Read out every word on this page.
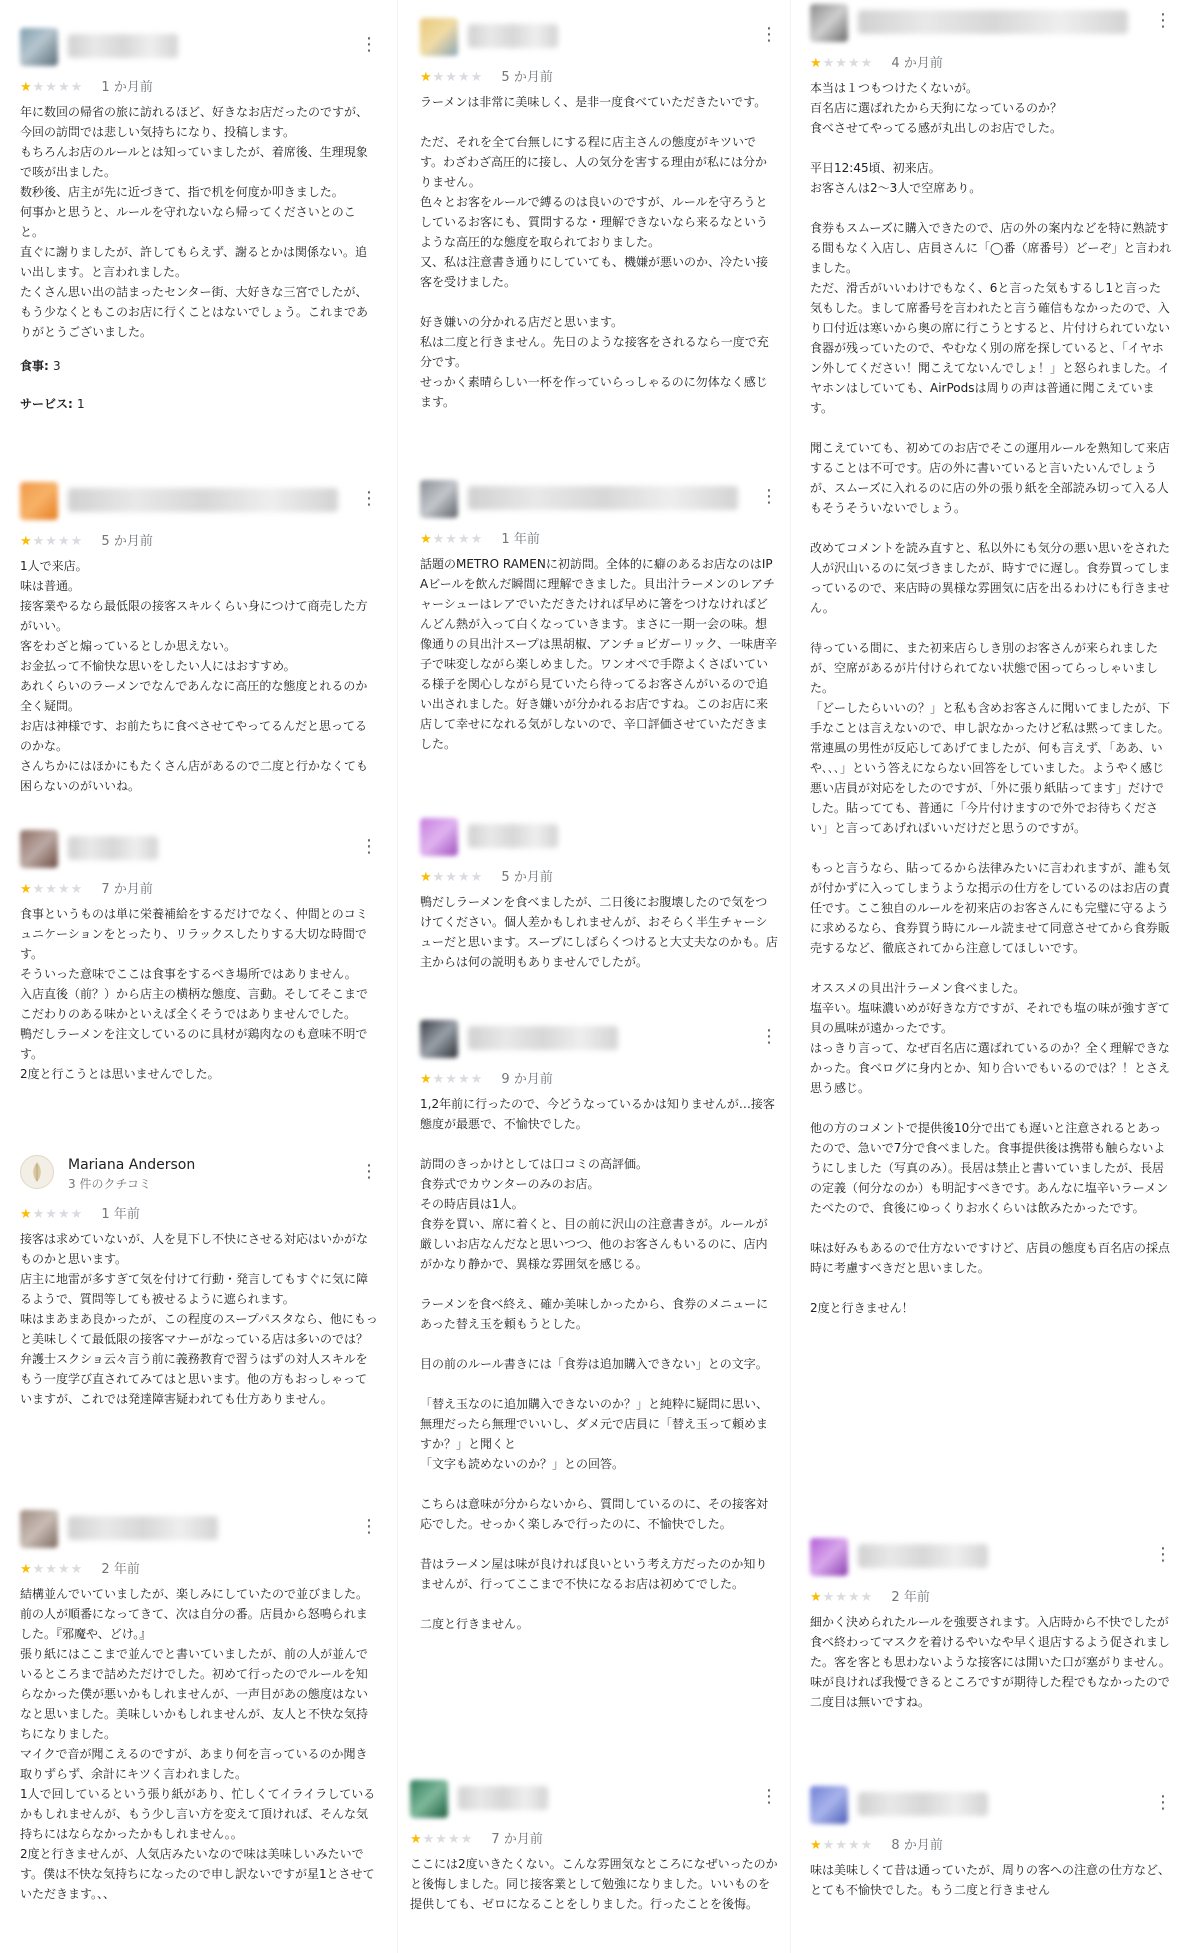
⋮
★★★★★ 1 か月前
年に数回の帰省の旅に訪れるほど、好きなお店だったのですが、今回の訪問では悲しい気持ちになり、投稿します。
もちろんお店のルールとは知っていましたが、着席後、生理現象で咳が出ました。
数秒後、店主が先に近づきて、指で机を何度か叩きました。
何事かと思うと、ルールを守れないなら帰ってくださいとのこと。
直ぐに謝りましたが、許してもらえず、謝るとかは関係ない。追い出します。と言われました。
たくさん思い出の詰まったセンター街、大好きな三宮でしたが、もう少なくともこのお店に行くことはないでしょう。これまでありがとうございました。
食事: 3
サービス: 1
⋮
★★★★★ 5 か月前
1人で来店。
味は普通。
接客業やるなら最低限の接客スキルくらい身につけて商売した方がいい。
客をわざと煽っているとしか思えない。
お金払って不愉快な思いをしたい人にはおすすめ。
あれくらいのラーメンでなんであんなに高圧的な態度とれるのか全く疑問。
お店は神様です、お前たちに食べさせてやってるんだと思ってるのかな。
さんちかにはほかにもたくさん店があるので二度と行かなくても困らないのがいいね。
⋮
★★★★★ 7 か月前
食事というものは単に栄養補給をするだけでなく、仲間とのコミュニケーションをとったり、リラックスしたりする大切な時間です。
そういった意味でここは食事をするべき場所ではありません。
入店直後（前？）から店主の横柄な態度、言動。そしてそこまでこだわりのある味かといえば全くそうではありませんでした。
鴨だしラーメンを注文しているのに具材が鶏肉なのも意味不明です。
2度と行こうとは思いませんでした。
Mariana Anderson
3 件のクチコミ
⋮
★★★★★ 1 年前
接客は求めていないが、人を見下し不快にさせる対応はいかがなものかと思います。
店主に地雷が多すぎて気を付けて行動・発言してもすぐに気に障るようで、質問等しても被せるように遮られます。
味はまあまあ良かったが、この程度のスープパスタなら、他にもっと美味しくて最低限の接客マナーがなっている店は多いのでは？
弁護士スクショ云々言う前に義務教育で習うはずの対人スキルをもう一度学び直されてみてはと思います。他の方もおっしゃっていますが、これでは発達障害疑われても仕方ありません。
⋮
★★★★★ 2 年前
結構並んでいていましたが、楽しみにしていたので並びました。前の人が順番になってきて、次は自分の番。店員から怒鳴られました。『邪魔や、どけ。』
張り紙にはここまで並んでと書いていましたが、前の人が並んでいるところまで詰めただけでした。初めて行ったのでルールを知らなかった僕が悪いかもしれませんが、一声目があの態度はないなと思いました。美味しいかもしれませんが、友人と不快な気持ちになりました。
マイクで音が聞こえるのですが、あまり何を言っているのか聞き取りずらず、余計にキツく言われました。
1人で回しているという張り紙があり、忙しくてイライラしているかもしれませんが、もう少し言い方を変えて頂ければ、そんな気持ちにはならなかったかもしれません。。
2度と行きませんが、人気店みたいなので味は美味しいみたいです。僕は不快な気持ちになったので申し訳ないですが星1とさせていただきます。、、
⋮
★★★★★ 5 か月前
ラーメンは非常に美味しく、是非一度食べていただきたいです。

ただ、それを全て台無しにする程に店主さんの態度がキツいです。わざわざ高圧的に接し、人の気分を害する理由が私には分かりません。
色々とお客をルールで縛るのは良いのですが、ルールを守ろうとしているお客にも、質問するな・理解できないなら来るなというような高圧的な態度を取られておりました。
又、私は注意書き通りにしていても、機嫌が悪いのか、冷たい接客を受けました。

好き嫌いの分かれる店だと思います。
私は二度と行きません。先日のような接客をされるなら一度で充分です。
せっかく素晴らしい一杯を作っていらっしゃるのに勿体なく感じます。
⋮
★★★★★ 1 年前
話題のMETRO RAMENに初訪問。全体的に癖のあるお店なのはIPAビールを飲んだ瞬間に理解できました。貝出汁ラーメンのレアチャーシューはレアでいただきたければ早めに箸をつけなければどんどん熱が入って白くなっていきます。まさに一期一会の味。想像通りの貝出汁スープは黒胡椒、アンチョビガーリック、一味唐辛子で味変しながら楽しめました。ワンオペで手際よくさばいている様子を関心しながら見ていたら待ってるお客さんがいるので追い出されました。好き嫌いが分かれるお店ですね。このお店に来店して幸せになれる気がしないので、辛口評価させていただきました。
★★★★★ 5 か月前
鴨だしラーメンを食べましたが、二日後にお腹壊したので気をつけてください。個人差かもしれませんが、おそらく半生チャーシューだと思います。スープにしばらくつけると大丈夫なのかも。店主からは何の説明もありませんでしたが。
⋮
★★★★★ 9 か月前
1,2年前に行ったので、今どうなっているかは知りませんが…接客態度が最悪で、不愉快でした。

訪問のきっかけとしては口コミの高評価。
食券式でカウンターのみのお店。
その時店員は1人。
食券を買い、席に着くと、目の前に沢山の注意書きが。ルールが厳しいお店なんだなと思いつつ、他のお客さんもいるのに、店内がかなり静かで、異様な雰囲気を感じる。

ラーメンを食べ終え、確か美味しかったから、食券のメニューにあった替え玉を頼もうとした。

目の前のルール書きには「食券は追加購入できない」との文字。

「替え玉なのに追加購入できないのか？」と純粋に疑問に思い、無理だったら無理でいいし、ダメ元で店員に「替え玉って頼めますか？」と聞くと
「文字も読めないのか？」との回答。

こちらは意味が分からないから、質問しているのに、その接客対応でした。せっかく楽しみで行ったのに、不愉快でした。

昔はラーメン屋は味が良ければ良いという考え方だったのか知りませんが、行ってここまで不快になるお店は初めてでした。

二度と行きません。
⋮
★★★★★ 7 か月前
ここには2度いきたくない。こんな雰囲気なところになぜいったのかと後悔しました。同じ接客業として勉強になりました。いいものを提供しても、ゼロになることをしりました。行ったことを後悔。
⋮
★★★★★ 4 か月前
本当は１つもつけたくないが。
百名店に選ばれたから天狗になっているのか？
食べさせてやってる感が丸出しのお店でした。

平日12:45頃、初来店。
お客さんは2〜3人で空席あり。

食券もスムーズに購入できたので、店の外の案内などを特に熟読する間もなく入店し、店員さんに「◯番（席番号）どーぞ」と言われました。
ただ、滑舌がいいわけでもなく、6と言った気もするし1と言った気もした。まして席番号を言われたと言う確信もなかったので、入り口付近は寒いから奥の席に行こうとすると、片付けられていない食器が残っていたので、やむなく別の席を探していると、「イヤホン外してください！聞こえてないんでしょ！」と怒られました。イヤホンはしていても、AirPodsは周りの声は普通に聞こえています。

聞こえていても、初めてのお店でそこの運用ルールを熟知して来店することは不可です。店の外に書いていると言いたいんでしょうが、スムーズに入れるのに店の外の張り紙を全部読み切って入る人もそうそういないでしょう。

改めてコメントを読み直すと、私以外にも気分の悪い思いをされた人が沢山いるのに気づきましたが、時すでに遅し。食券買ってしまっているので、来店時の異様な雰囲気に店を出るわけにも行きません。

待っている間に、また初来店らしき別のお客さんが来られましたが、空席があるが片付けられてない状態で困ってらっしゃいました。
「どーしたらいいの？」と私も含めお客さんに聞いてましたが、下手なことは言えないので、申し訳なかったけど私は黙ってました。常連風の男性が反応してあげてましたが、何も言えず、「ああ、いや､､､」という答えにならない回答をしていました。ようやく感じ悪い店員が対応をしたのですが、「外に張り紙貼ってます」だけでした。貼ってても、普通に「今片付けますので外でお待ちください」と言ってあげればいいだけだと思うのですが。

もっと言うなら、貼ってるから法律みたいに言われますが、誰も気が付かずに入ってしまうような掲示の仕方をしているのはお店の責任です。ここ独自のルールを初来店のお客さんにも完璧に守るように求めるなら、食券買う時にルール読ませて同意させてから食券販売するなど、徹底されてから注意してほしいです。

オススメの貝出汁ラーメン食べました。
塩辛い。塩味濃いめが好きな方ですが、それでも塩の味が強すぎて貝の風味が遠かったです。
はっきり言って、なぜ百名店に選ばれているのか？全く理解できなかった。食べログに身内とか、知り合いでもいるのでは？！とさえ思う感じ。

他の方のコメントで提供後10分で出ても遅いと注意されるとあったので、急いで7分で食べました。食事提供後は携帯も触らないようにしました（写真のみ）。長居は禁止と書いていましたが、長居の定義（何分なのか）も明記すべきです。あんなに塩辛いラーメンたべたので、食後にゆっくりお水くらいは飲みたかったです。

味は好みもあるので仕方ないですけど、店員の態度も百名店の採点時に考慮すべきだと思いました。

2度と行きません！
⋮
★★★★★ 2 年前
細かく決められたルールを強要されます。入店時から不快でしたが食べ終わってマスクを着けるやいなや早く退店するよう促されました。客を客とも思わないような接客には開いた口が塞がりません。味が良ければ我慢できるところですが期待した程でもなかったので二度目は無いですね。
⋮
★★★★★ 8 か月前
味は美味しくて昔は通っていたが、周りの客への注意の仕方など、とても不愉快でした。もう二度と行きません
